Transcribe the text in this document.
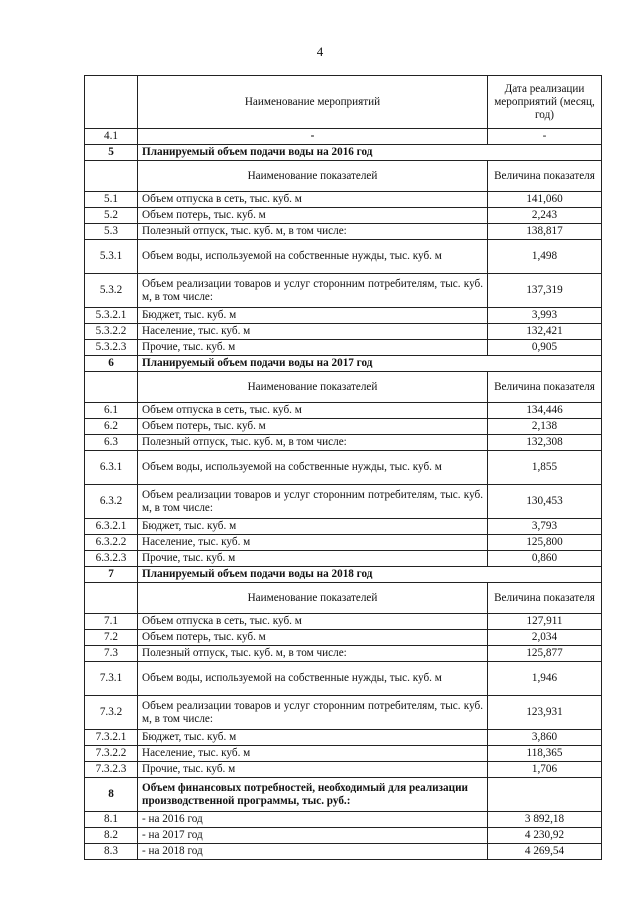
4
	Наименование мероприятий	Дата реализации мероприятий (месяц, год)
4.1	-	-
5	Планируемый объем подачи воды на 2016 год	
	Наименование показателей	Величина показателя
5.1	Объем отпуска в сеть, тыс. куб. м	141,060
5.2	Объем потерь, тыс. куб. м	2,243
5.3	Полезный отпуск, тыс. куб. м, в том числе:	138,817
5.3.1	Объем воды, используемой на собственные нужды, тыс. куб. м	1,498
5.3.2	Объем реализации товаров и услуг сторонним потребителям, тыс. куб. м, в том числе:	137,319
5.3.2.1	Бюджет, тыс. куб. м	3,993
5.3.2.2	Население, тыс. куб. м	132,421
5.3.2.3	Прочие, тыс. куб. м	0,905
6	Планируемый объем подачи воды на 2017 год	
	Наименование показателей	Величина показателя
6.1	Объем отпуска в сеть, тыс. куб. м	134,446
6.2	Объем потерь, тыс. куб. м	2,138
6.3	Полезный отпуск, тыс. куб. м, в том числе:	132,308
6.3.1	Объем воды, используемой на собственные нужды, тыс. куб. м	1,855
6.3.2	Объем реализации товаров и услуг сторонним потребителям, тыс. куб. м, в том числе:	130,453
6.3.2.1	Бюджет, тыс. куб. м	3,793
6.3.2.2	Население, тыс. куб. м	125,800
6.3.2.3	Прочие, тыс. куб. м	0,860
7	Планируемый объем подачи воды на 2018 год	
	Наименование показателей	Величина показателя
7.1	Объем отпуска в сеть, тыс. куб. м	127,911
7.2	Объем потерь, тыс. куб. м	2,034
7.3	Полезный отпуск, тыс. куб. м, в том числе:	125,877
7.3.1	Объем воды, используемой на собственные нужды, тыс. куб. м	1,946
7.3.2	Объем реализации товаров и услуг сторонним потребителям, тыс. куб. м, в том числе:	123,931
7.3.2.1	Бюджет, тыс. куб. м	3,860
7.3.2.2	Население, тыс. куб. м	118,365
7.3.2.3	Прочие, тыс. куб. м	1,706
8	Объем финансовых потребностей, необходимый для реализации производственной программы, тыс. руб.:	
8.1	- на 2016 год	3 892,18
8.2	- на 2017 год	4 230,92
8.3	- на 2018 год	4 269,54
